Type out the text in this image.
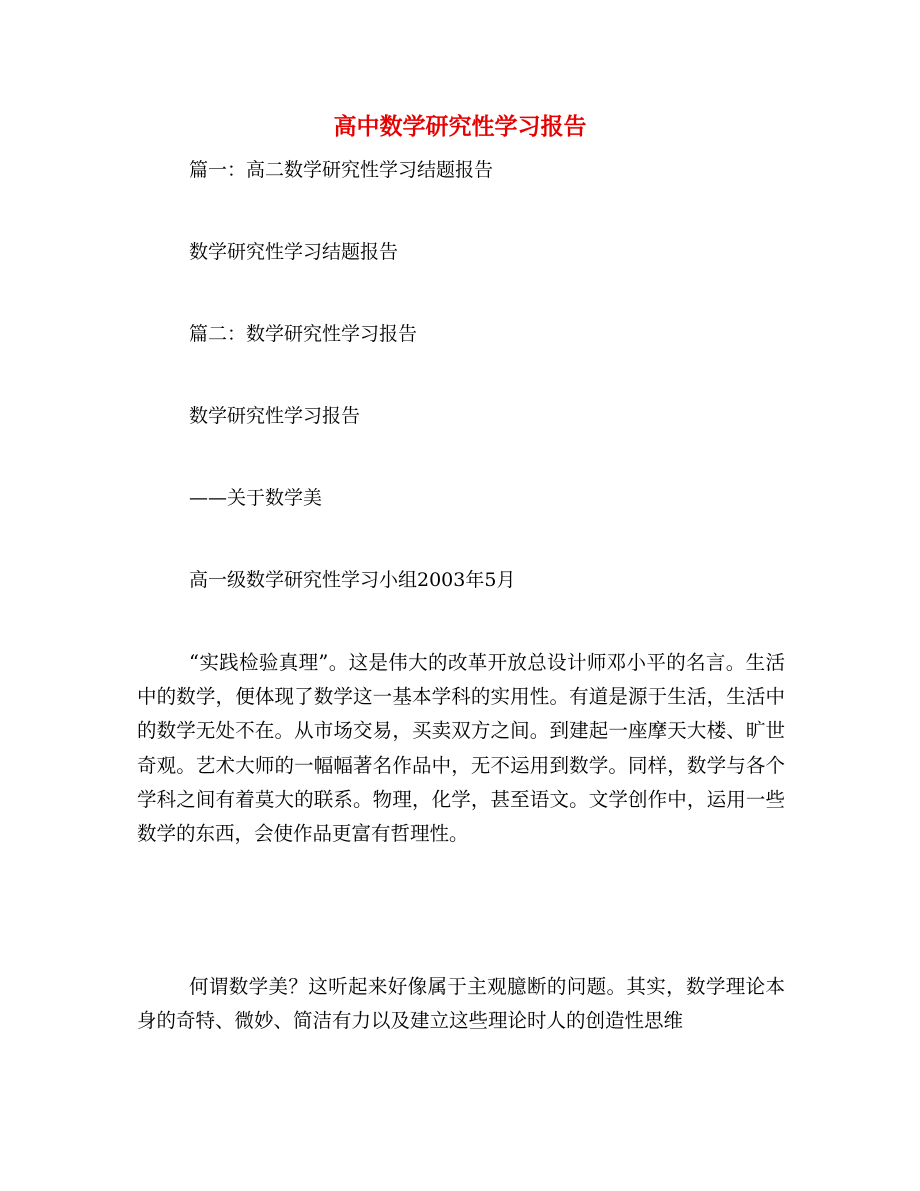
高中数学研究性学习报告
篇一：高二数学研究性学习结题报告
数学研究性学习结题报告
篇二：数学研究性学习报告
数学研究性学习报告
——关于数学美
高一级数学研究性学习小组2003年5月
“实践检验真理”。这是伟大的改革开放总设计师邓小平的名言。生活中的数学，便体现了数学这一基本学科的实用性。有道是源于生活，生活中的数学无处不在。从市场交易，买卖双方之间。到建起一座摩天大楼、旷世奇观。艺术大师的一幅幅著名作品中，无不运用到数学。同样，数学与各个学科之间有着莫大的联系。物理，化学，甚至语文。文学创作中，运用一些数学的东西，会使作品更富有哲理性。
何谓数学美？这听起来好像属于主观臆断的问题。其实，数学理论本身的奇特、微妙、简洁有力以及建立这些理论时人的创造性思维
